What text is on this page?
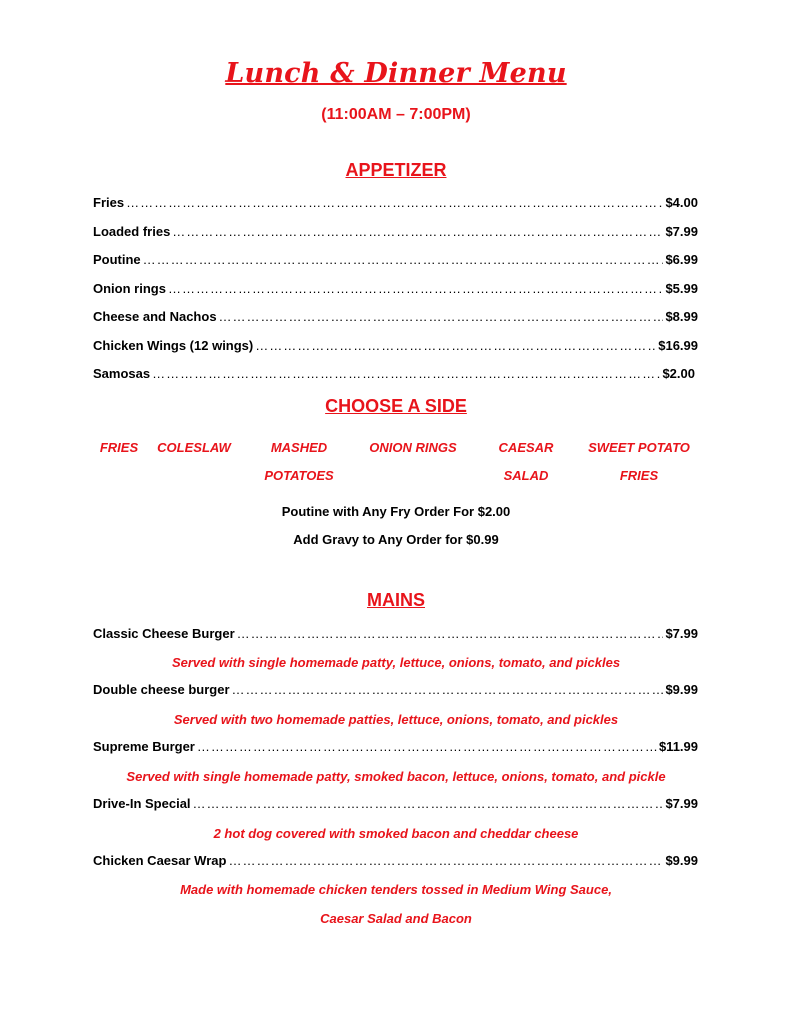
Lunch & Dinner Menu
(11:00AM – 7:00PM)
APPETIZER
Fries ………………………………………………………………………………………………………………………………………………………………	$4.00
Loaded fries ………………………………………………………………………………………………………………………………………………………………	$7.99
Poutine ………………………………………………………………………………………………………………………………………………………………	$6.99
Onion rings ………………………………………………………………………………………………………………………………………………………………	$5.99
Cheese and Nachos ………………………………………………………………………………………………………………………………………………………………	$8.99
Chicken Wings (12 wings) ………………………………………………………………………………………………………………………………………………………………	$16.99
Samosas ………………………………………………………………………………………………………………………………………………………………	$2.00
CHOOSE A SIDE
FRIES	COLESLAW	MASHED
POTATOES
ONION RINGS	CAESAR
SALAD
SWEET POTATO
FRIES
Poutine with Any Fry Order For $2.00
Add Gravy to Any Order for $0.99
MAINS
Classic Cheese Burger ………………………………………………………………………………………………………………………………………………………………	$7.99
Served with single homemade patty, lettuce, onions, tomato, and pickles
Double cheese burger ………………………………………………………………………………………………………………………………………………………………	$9.99
Served with two homemade patties, lettuce, onions, tomato, and pickles
Supreme Burger ………………………………………………………………………………………………………………………………………………………………	$11.99
Served with single homemade patty, smoked bacon, lettuce, onions, tomato, and pickle
Drive-In Special ………………………………………………………………………………………………………………………………………………………………	$7.99
2 hot dog covered with smoked bacon and cheddar cheese
Chicken Caesar Wrap ………………………………………………………………………………………………………………………………………………………………	$9.99
Made with homemade chicken tenders tossed in Medium Wing Sauce,
Caesar Salad and Bacon
